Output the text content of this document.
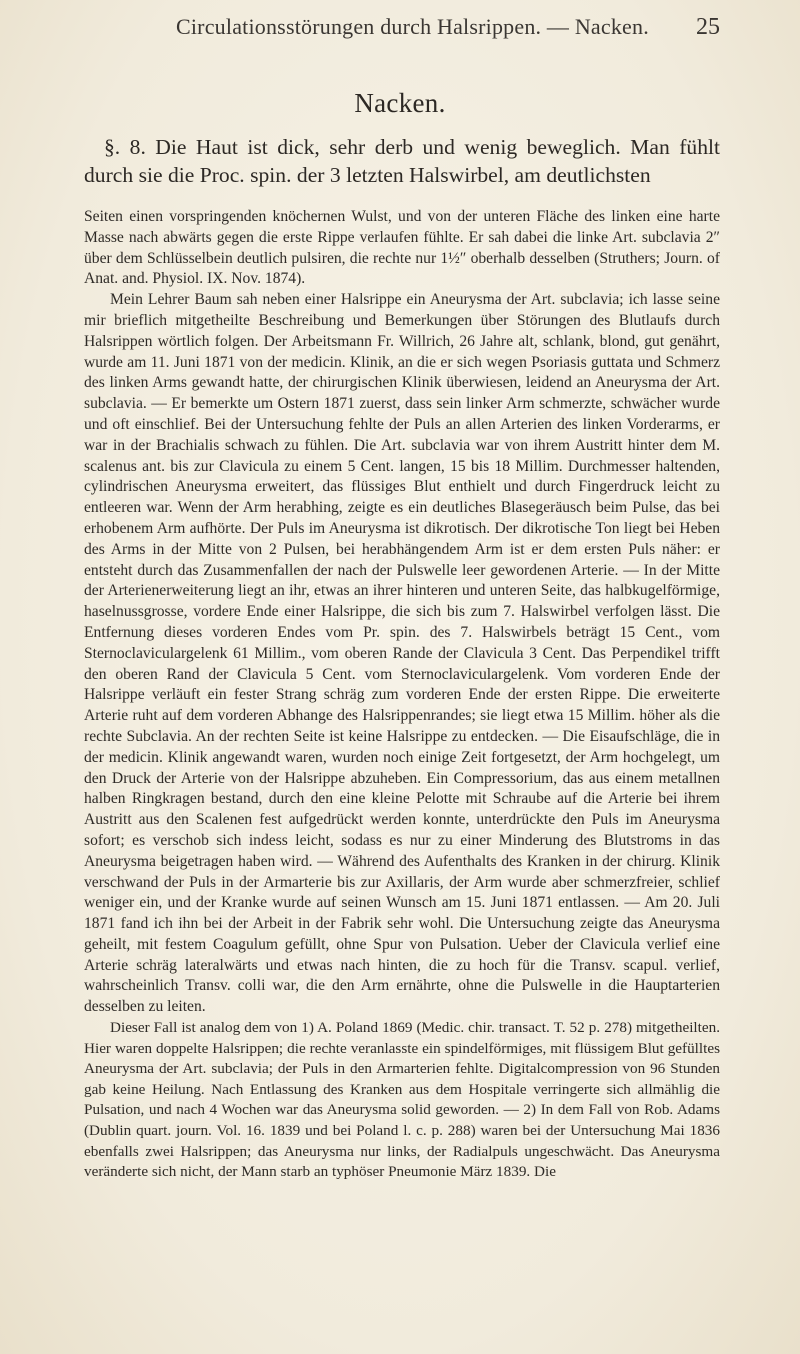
Circulationsstörungen durch Halsrippen. — Nacken. 25
Nacken.
§. 8. Die Haut ist dick, sehr derb und wenig beweglich. Man fühlt durch sie die Proc. spin. der 3 letzten Halswirbel, am deutlichsten

Seiten einen vorspringenden knöchernen Wulst, und von der unteren Fläche des linken eine harte Masse nach abwärts gegen die erste Rippe verlaufen fühlte. Er sah dabei die linke Art. subclavia 2″ über dem Schlüsselbein deutlich pulsiren, die rechte nur 1½″ oberhalb desselben (Struthers; Journ. of Anat. and. Physiol. IX. Nov. 1874).

Mein Lehrer Baum sah neben einer Halsrippe ein Aneurysma der Art. subclavia; ich lasse seine mir brieflich mitgetheilte Beschreibung und Bemerkungen über Störungen des Blutlaufs durch Halsrippen wörtlich folgen. Der Arbeitsmann Fr. Willrich, 26 Jahre alt, schlank, blond, gut genährt, wurde am 11. Juni 1871 von der medicin. Klinik, an die er sich wegen Psoriasis guttata und Schmerz des linken Arms gewandt hatte, der chirurgischen Klinik überwiesen, leidend an Aneurysma der Art. subclavia. — Er bemerkte um Ostern 1871 zuerst, dass sein linker Arm schmerzte, schwächer wurde und oft einschlief. Bei der Untersuchung fehlte der Puls an allen Arterien des linken Vorderarms, er war in der Brachialis schwach zu fühlen. Die Art. subclavia war von ihrem Austritt hinter dem M. scalenus ant. bis zur Clavicula zu einem 5 Cent. langen, 15 bis 18 Millim. Durchmesser haltenden, cylindrischen Aneurysma erweitert, das flüssiges Blut enthielt und durch Fingerdruck leicht zu entleeren war. Wenn der Arm herabhing, zeigte es ein deutliches Blasegeräusch beim Pulse, das bei erhobenem Arm aufhörte. Der Puls im Aneurysma ist dikrotisch. Der dikrotische Ton liegt bei Heben des Arms in der Mitte von 2 Pulsen, bei herabhängendem Arm ist er dem ersten Puls näher: er entsteht durch das Zusammenfallen der nach der Pulswelle leer gewordenen Arterie. — In der Mitte der Arterienerweiterung liegt an ihr, etwas an ihrer hinteren und unteren Seite, das halbkugelförmige, haselnussgrosse, vordere Ende einer Halsrippe, die sich bis zum 7. Halswirbel verfolgen lässt. Die Entfernung dieses vorderen Endes vom Pr. spin. des 7. Halswirbels beträgt 15 Cent., vom Sternoclaviculargelenk 61 Millim., vom oberen Rande der Clavicula 3 Cent. Das Perpendikel trifft den oberen Rand der Clavicula 5 Cent. vom Sternoclaviculargelenk. Vom vorderen Ende der Halsrippe verläuft ein fester Strang schräg zum vorderen Ende der ersten Rippe. Die erweiterte Arterie ruht auf dem vorderen Abhange des Halsrippenrandes; sie liegt etwa 15 Millim. höher als die rechte Subclavia. An der rechten Seite ist keine Halsrippe zu entdecken. — Die Eisaufschläge, die in der medicin. Klinik angewandt waren, wurden noch einige Zeit fortgesetzt, der Arm hochgelegt, um den Druck der Arterie von der Halsrippe abzuheben. Ein Compressorium, das aus einem metallnen halben Ringkragen bestand, durch den eine kleine Pelotte mit Schraube auf die Arterie bei ihrem Austritt aus den Scalenen fest aufgedrückt werden konnte, unterdrückte den Puls im Aneurysma sofort; es verschob sich indess leicht, sodass es nur zu einer Minderung des Blutstroms in das Aneurysma beigetragen haben wird. — Während des Aufenthalts des Kranken in der chirurg. Klinik verschwand der Puls in der Armarterie bis zur Axillaris, der Arm wurde aber schmerzfreier, schlief weniger ein, und der Kranke wurde auf seinen Wunsch am 15. Juni 1871 entlassen. — Am 20. Juli 1871 fand ich ihn bei der Arbeit in der Fabrik sehr wohl. Die Untersuchung zeigte das Aneurysma geheilt, mit festem Coagulum gefüllt, ohne Spur von Pulsation. Ueber der Clavicula verlief eine Arterie schräg lateralwärts und etwas nach hinten, die zu hoch für die Transv. scapul. verlief, wahrscheinlich Transv. colli war, die den Arm ernährte, ohne die Pulswelle in die Hauptarterien desselben zu leiten.

Dieser Fall ist analog dem von 1) A. Poland 1869 (Medic. chir. transact. T. 52 p. 278) mitgetheilten. Hier waren doppelte Halsrippen; die rechte veranlasste ein spindelförmiges, mit flüssigem Blut gefülltes Aneurysma der Art. subclavia; der Puls in den Armarterien fehlte. Digitalcompression von 96 Stunden gab keine Heilung. Nach Entlassung des Kranken aus dem Hospitale verringerte sich allmählig die Pulsation, und nach 4 Wochen war das Aneurysma solid geworden. — 2) In dem Fall von Rob. Adams (Dublin quart. journ. Vol. 16. 1839 und bei Poland l. c. p. 288) waren bei der Untersuchung Mai 1836 ebenfalls zwei Halsrippen; das Aneurysma nur links, der Radialpuls ungeschwächt. Das Aneurysma veränderte sich nicht, der Mann starb an typhöser Pneumonie März 1839. Die
